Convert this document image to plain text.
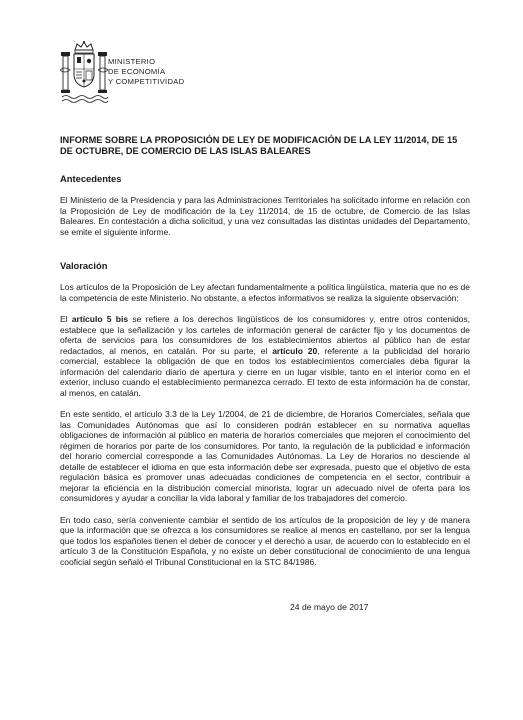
MINISTERIO
DE ECONOMÍA
Y COMPETITIVIDAD

INFORME SOBRE LA PROPOSICIÓN DE LEY DE MODIFICACIÓN DE LA LEY 11/2014, DE 15 DE OCTUBRE, DE COMERCIO DE LAS ISLAS BALEARES

Antecedentes

El Ministerio de la Presidencia y para las Administraciones Territoriales ha solicitado informe en relación con la Proposición de Ley de modificación de la Ley 11/2014, de 15 de octubre, de Comercio de las Islas Baleares. En contestación a dicha solicitud, y una vez consultadas las distintas unidades del Departamento, se emite el siguiente informe.

Valoración

Los artículos de la Proposición de Ley afectan fundamentalmente a política lingüística, materia que no es de la competencia de este Ministerio. No obstante, a efectos informativos se realiza la siguiente observación:

El artículo 5 bis se refiere a los derechos lingüísticos de los consumidores y, entre otros contenidos, establece que la señalización y los carteles de información general de carácter fijo y los documentos de oferta de servicios para los consumidores de los establecimientos abiertos al público han de estar redactados, al menos, en catalán. Por su parte, el artículo 20, referente a la publicidad del horario comercial, establece la obligación de que en todos los establecimientos comerciales deba figurar la información del calendario diario de apertura y cierre en un lugar visible, tanto en el interior como en el exterior, incluso cuando el establecimiento permanezca cerrado. El texto de esta información ha de constar, al menos, en catalán.

En este sentido, el artículo 3.3 de la Ley 1/2004, de 21 de diciembre, de Horarios Comerciales, señala que las Comunidades Autónomas que así lo consideren podrán establecer en su normativa aquellas obligaciones de información al público en materia de horarios comerciales que mejoren el conocimiento del régimen de horarios por parte de los consumidores. Por tanto, la regulación de la publicidad e información del horario comercial corresponde a las Comunidades Autónomas. La Ley de Horarios no desciende al detalle de establecer el idioma en que esta información debe ser expresada, puesto que el objetivo de esta regulación básica es promover unas adecuadas condiciones de competencia en el sector, contribuir a mejorar la eficiencia en la distribución comercial minorista, lograr un adecuado nivel de oferta para los consumidores y ayudar a conciliar la vida laboral y familiar de los trabajadores del comercio.

En todo caso, sería conveniente cambiar el sentido de los artículos de la proposición de ley y de manera que la información que se ofrezca a los consumidores se realice al menos en castellano, por ser la lengua que todos los españoles tienen el deber de conocer y el derecho a usar, de acuerdo con lo establecido en el artículo 3 de la Constitución Española, y no existe un deber constitucional de conocimiento de una lengua cooficial según señaló el Tribunal Constitucional en la STC 84/1986.

24 de mayo de 2017
